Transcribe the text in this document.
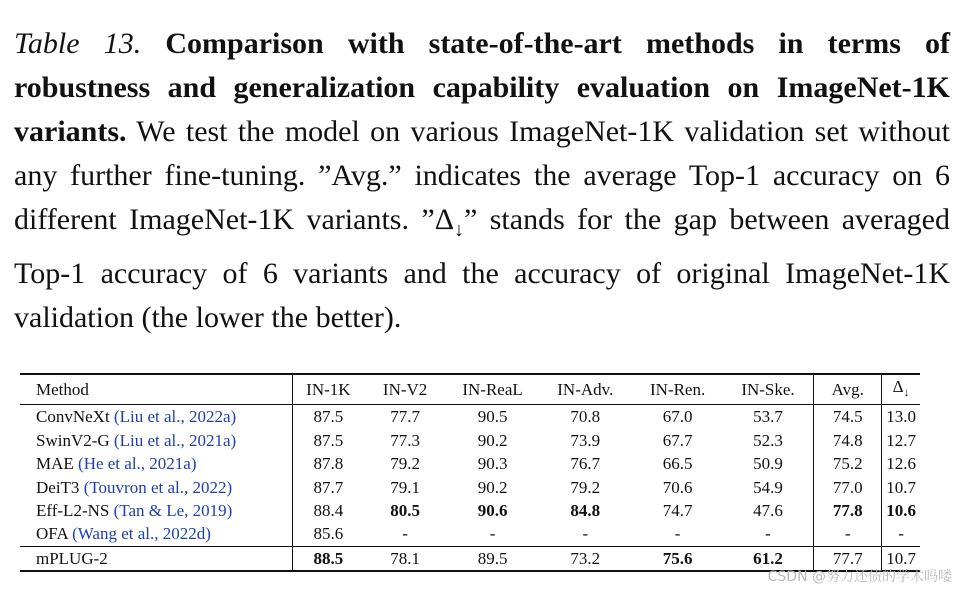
Table 13. Comparison with state-of-the-art methods in terms of robustness and generalization capability evaluation on ImageNet-1K variants. We test the model on various ImageNet-1K validation set without any further fine-tuning. ”Avg.” indicates the average Top-1 accuracy on 6 different ImageNet-1K variants. $”\Delta_↓$” stands for the gap between averaged Top-1 accuracy of 6 variants and the accuracy of original ImageNet-1K validation (the lower the better).
Method	IN-1K	IN-V2	IN-ReaL	IN-Adv.	IN-Ren.	IN-Ske.	Avg.	$\Delta_↓$
ConvNeXt (Liu et al., 2022a)	87.5	77.7	90.5	70.8	67.0	53.7	74.5	13.0
SwinV2-G (Liu et al., 2021a)	87.5	77.3	90.2	73.9	67.7	52.3	74.8	12.7
MAE (He et al., 2021a)	87.8	79.2	90.3	76.7	66.5	50.9	75.2	12.6
DeiT3 (Touvron et al., 2022)	87.7	79.1	90.2	79.2	70.6	54.9	77.0	10.7
Eff-L2-NS (Tan & Le, 2019)	88.4	80.5	90.6	84.8	74.7	47.6	77.8	10.6
OFA (Wang et al., 2022d)	85.6	-	-	-	-	-	-	-
mPLUG-2	88.5	78.1	89.5	73.2	75.6	61.2	77.7	10.7
CSDN @努力还债的学术吗喽
